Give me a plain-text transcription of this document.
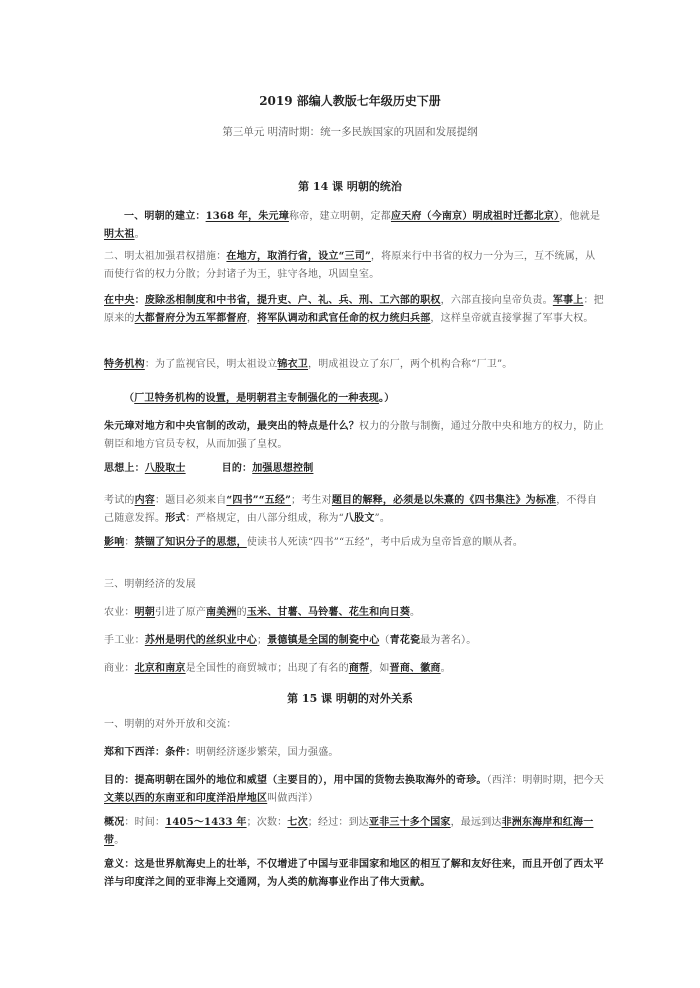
2019 部编人教版七年级历史下册
第三单元 明清时期：统一多民族国家的巩固和发展提纲
第 14 课 明朝的统治
一、明朝的建立：1368 年，朱元璋称帝，建立明朝，定都应天府（今南京）明成祖时迁都北京），他就是明太祖。
二、明太祖加强君权措施：在地方，取消行省，设立“三司”，将原来行中书省的权力一分为三，互不统属，从而使行省的权力分散；分封诸子为王，驻守各地，巩固皇室。
在中央：废除丞相制度和中书省，提升吏、户、礼、兵、刑、工六部的职权，六部直接向皇帝负责。军事上：把原来的大都督府分为五军都督府，将军队调动和武官任命的权力统归兵部，这样皇帝就直接掌握了军事大权。
特务机构：为了监视官民，明太祖设立锦衣卫，明成祖设立了东厂，两个机构合称“厂卫”。
（厂卫特务机构的设置，是明朝君主专制强化的一种表现。）
朱元璋对地方和中央官制的改动，最突出的特点是什么？权力的分散与制衡，通过分散中央和地方的权力，防止朝臣和地方官员专权，从而加强了皇权。
思想上：八股取士	目的：加强思想控制
考试的内容：题目必须来自“四书”“五经”；考生对题目的解释，必须是以朱熹的《四书集注》为标准，不得自己随意发挥。形式：严格规定，由八部分组成，称为“八股文”。
影响：禁锢了知识分子的思想，使读书人死读“四书”“五经”，考中后成为皇帝旨意的顺从者。
三、明朝经济的发展
农业：明朝引进了原产南美洲的玉米、甘薯、马铃薯、花生和向日葵。
手工业：苏州是明代的丝织业中心；景德镇是全国的制瓷中心（青花瓷最为著名）。
商业：北京和南京是全国性的商贸城市；出现了有名的商帮，如晋商、徽商。
第 15 课 明朝的对外关系
一、明朝的对外开放和交流：
郑和下西洋：条件：明朝经济逐步繁荣，国力强盛。
目的：提高明朝在国外的地位和威望（主要目的），用中国的货物去换取海外的奇珍。（西洋：明朝时期，把今天文莱以西的东南亚和印度洋沿岸地区叫做西洋）
概况：时间：1405～1433 年；次数：七次；经过：到达亚非三十多个国家，最远到达非洲东海岸和红海一带。
意义：这是世界航海史上的壮举，不仅增进了中国与亚非国家和地区的相互了解和友好往来，而且开创了西太平洋与印度洋之间的亚非海上交通网，为人类的航海事业作出了伟大贡献。
